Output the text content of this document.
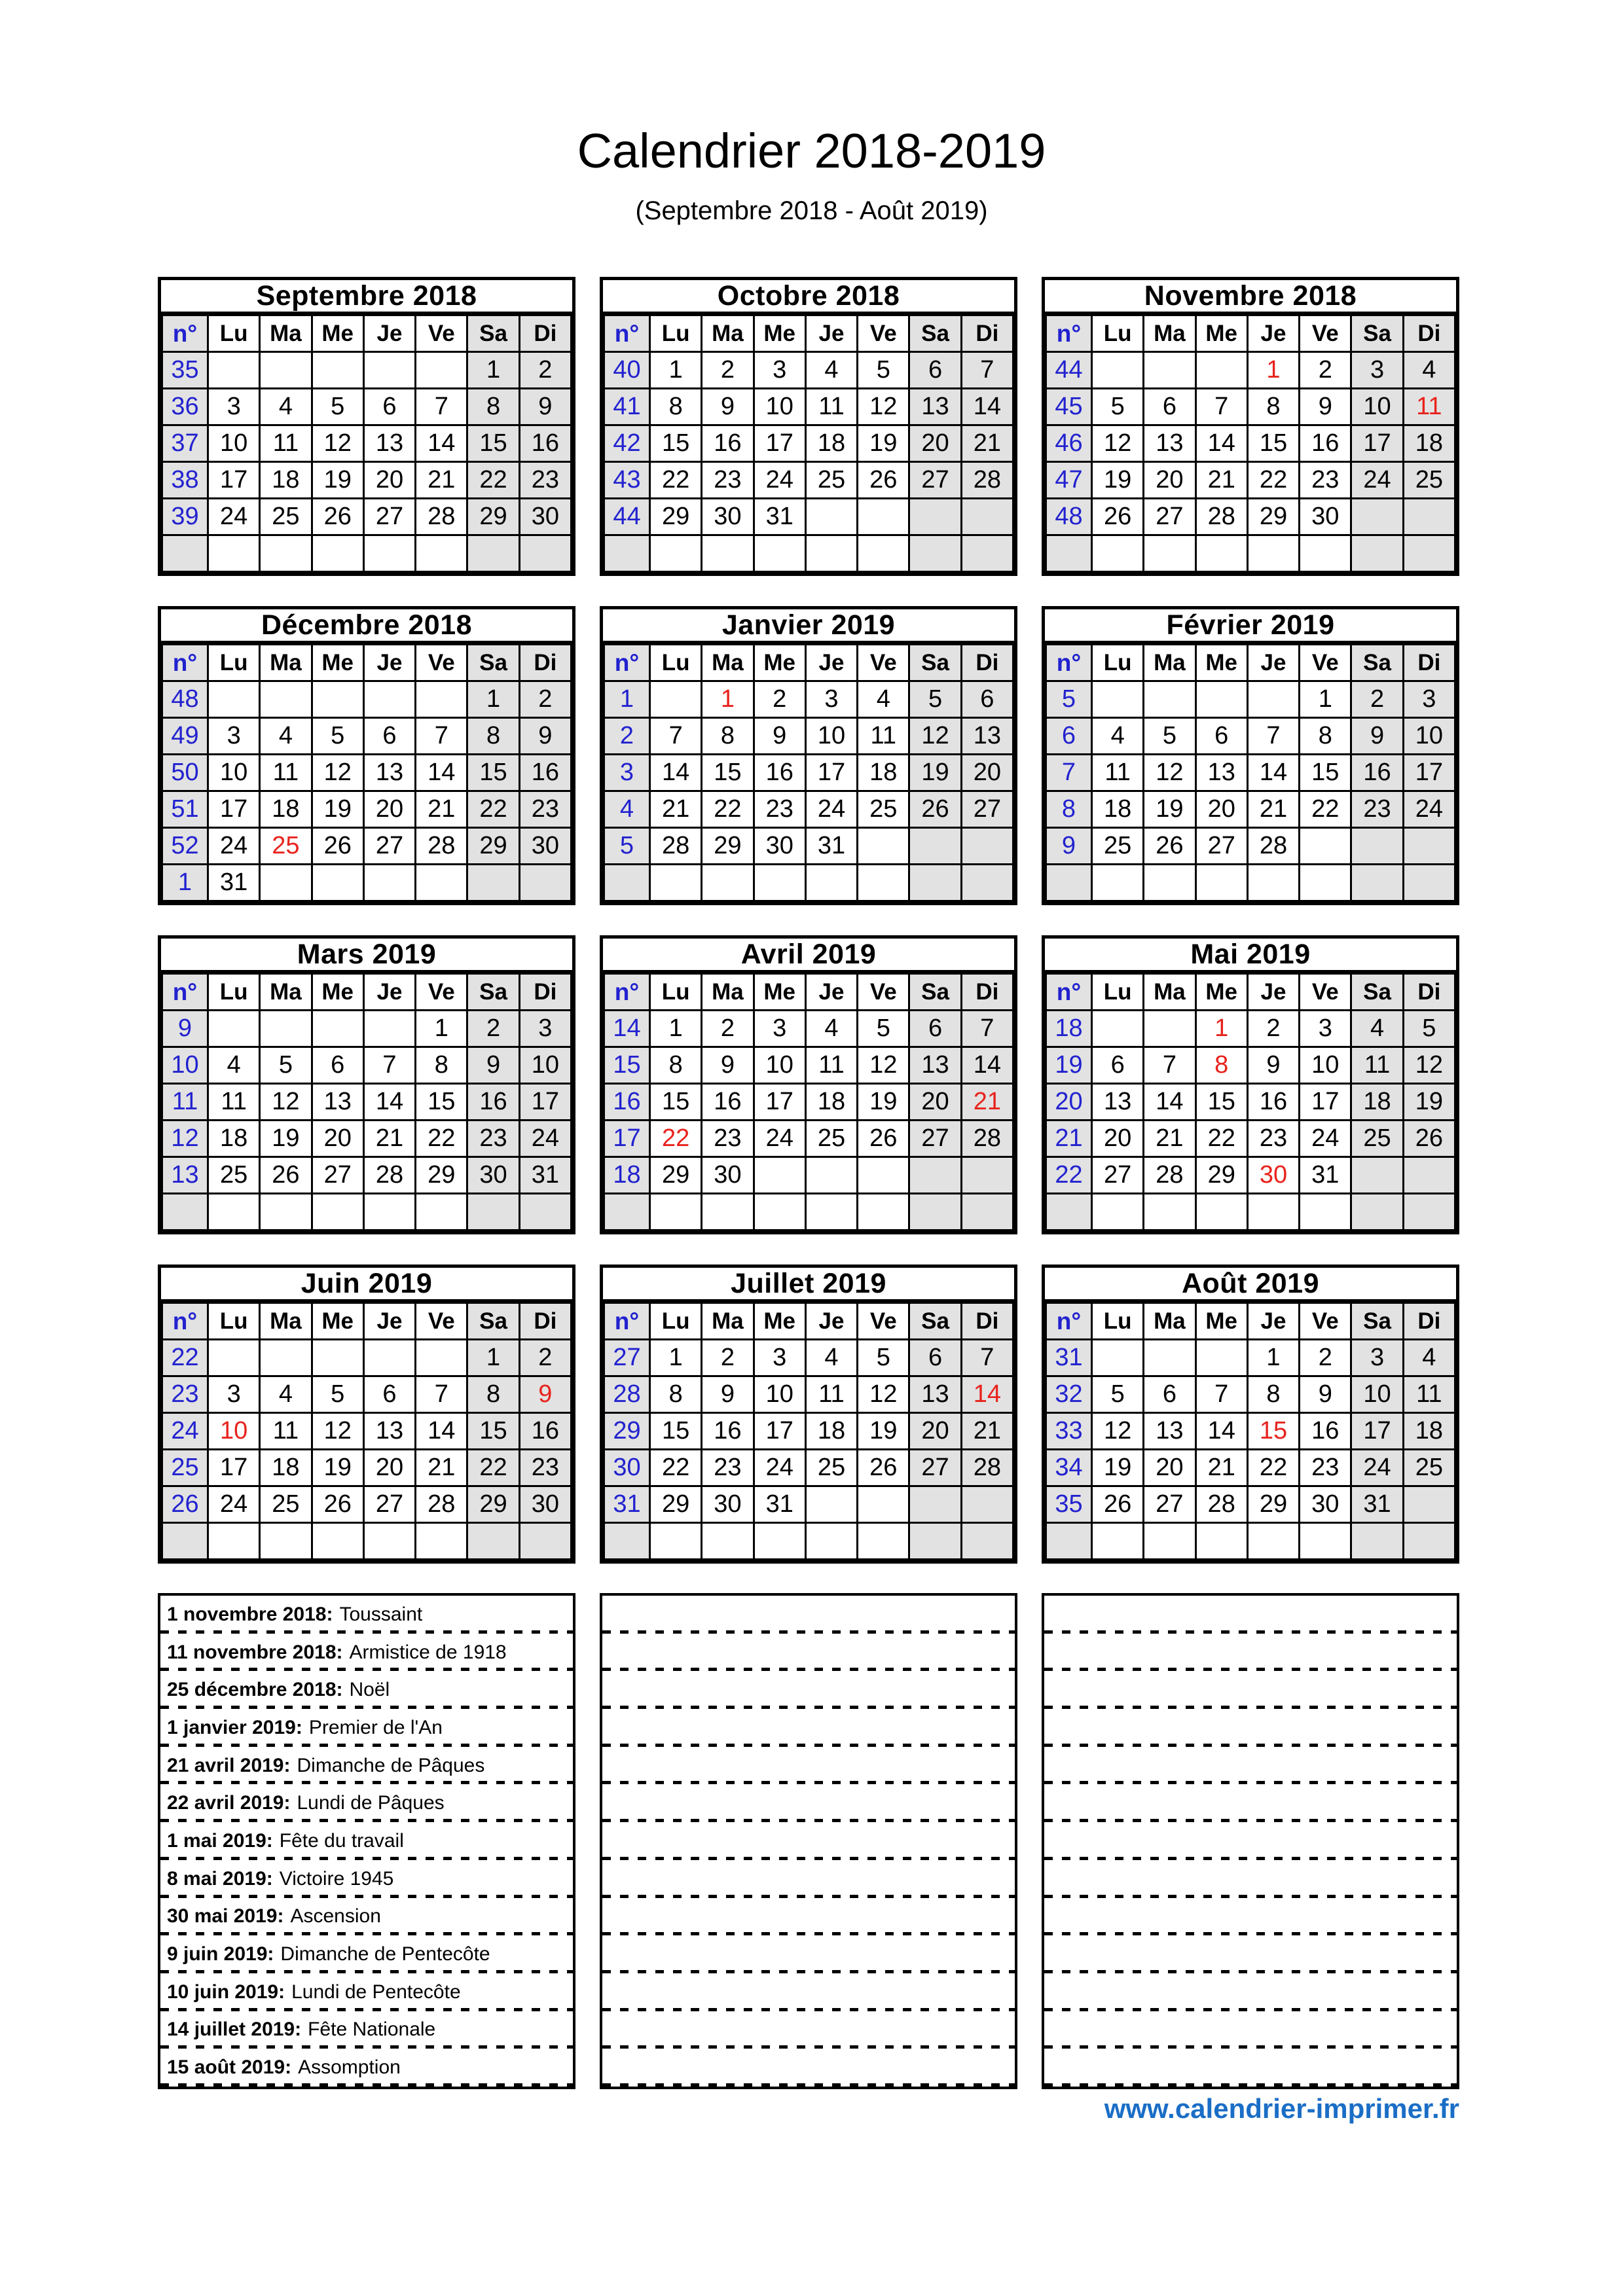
Calendrier 2018-2019
(Septembre 2018 - Août 2019)
Septembre 2018
n°	Lu	Ma	Me	Je	Ve	Sa	Di
35						1	2
36	3	4	5	6	7	8	9
37	10	11	12	13	14	15	16
38	17	18	19	20	21	22	23
39	24	25	26	27	28	29	30

Octobre 2018
n°	Lu	Ma	Me	Je	Ve	Sa	Di
40	1	2	3	4	5	6	7
41	8	9	10	11	12	13	14
42	15	16	17	18	19	20	21
43	22	23	24	25	26	27	28
44	29	30	31				

Novembre 2018
n°	Lu	Ma	Me	Je	Ve	Sa	Di
44				1	2	3	4
45	5	6	7	8	9	10	11
46	12	13	14	15	16	17	18
47	19	20	21	22	23	24	25
48	26	27	28	29	30		

Décembre 2018
n°	Lu	Ma	Me	Je	Ve	Sa	Di
48						1	2
49	3	4	5	6	7	8	9
50	10	11	12	13	14	15	16
51	17	18	19	20	21	22	23
52	24	25	26	27	28	29	30
1	31						
Janvier 2019
n°	Lu	Ma	Me	Je	Ve	Sa	Di
1		1	2	3	4	5	6
2	7	8	9	10	11	12	13
3	14	15	16	17	18	19	20
4	21	22	23	24	25	26	27
5	28	29	30	31			

Février 2019
n°	Lu	Ma	Me	Je	Ve	Sa	Di
5					1	2	3
6	4	5	6	7	8	9	10
7	11	12	13	14	15	16	17
8	18	19	20	21	22	23	24
9	25	26	27	28			

Mars 2019
n°	Lu	Ma	Me	Je	Ve	Sa	Di
9					1	2	3
10	4	5	6	7	8	9	10
11	11	12	13	14	15	16	17
12	18	19	20	21	22	23	24
13	25	26	27	28	29	30	31

Avril 2019
n°	Lu	Ma	Me	Je	Ve	Sa	Di
14	1	2	3	4	5	6	7
15	8	9	10	11	12	13	14
16	15	16	17	18	19	20	21
17	22	23	24	25	26	27	28
18	29	30					

Mai 2019
n°	Lu	Ma	Me	Je	Ve	Sa	Di
18			1	2	3	4	5
19	6	7	8	9	10	11	12
20	13	14	15	16	17	18	19
21	20	21	22	23	24	25	26
22	27	28	29	30	31		

Juin 2019
n°	Lu	Ma	Me	Je	Ve	Sa	Di
22						1	2
23	3	4	5	6	7	8	9
24	10	11	12	13	14	15	16
25	17	18	19	20	21	22	23
26	24	25	26	27	28	29	30

Juillet 2019
n°	Lu	Ma	Me	Je	Ve	Sa	Di
27	1	2	3	4	5	6	7
28	8	9	10	11	12	13	14
29	15	16	17	18	19	20	21
30	22	23	24	25	26	27	28
31	29	30	31				

Août 2019
n°	Lu	Ma	Me	Je	Ve	Sa	Di
31				1	2	3	4
32	5	6	7	8	9	10	11
33	12	13	14	15	16	17	18
34	19	20	21	22	23	24	25
35	26	27	28	29	30	31	

1 novembre 2018: Toussaint
11 novembre 2018: Armistice de 1918
25 décembre 2018: Noël
1 janvier 2019: Premier de l'An
21 avril 2019: Dimanche de Pâques
22 avril 2019: Lundi de Pâques
1 mai 2019: Fête du travail
8 mai 2019: Victoire 1945
30 mai 2019: Ascension
9 juin 2019: Dimanche de Pentecôte
10 juin 2019: Lundi de Pentecôte
14 juillet 2019: Fête Nationale
15 août 2019: Assomption
www.calendrier-imprimer.fr
